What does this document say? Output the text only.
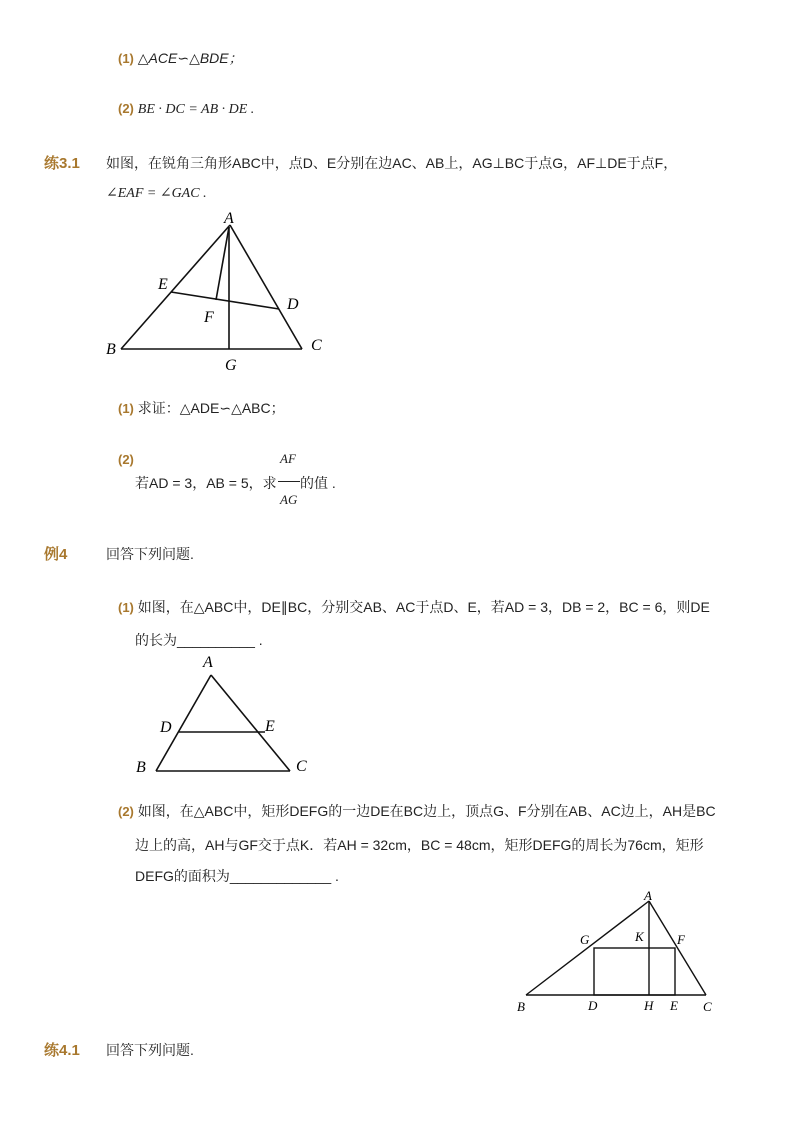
(1) △ACE∽△BDE；
(2) BE · DC = AB · DE .
练3.1 如图，在锐角三角形ABC中，点D、E分别在边AC、AB上，AG⊥BC于点G，AF⊥DE于点F，
∠EAF = ∠GAC .
A
B	C
D
E
F
G
(1) 求证：△ADE∽△ABC；
(2)
若AD = 3，AB = 5，求
AF
AG
的值 .
例4	回答下列问题.
(1) 如图，在△ABC中，DE∥BC，分别交AB、AC于点D、E，若AD = 3，DB = 2，BC = 6，则DE
的长为__________ .
A
B	C
D	E
(2) 如图，在△ABC中，矩形DEFG的一边DE在BC边上，顶点G、F分别在AB、AC边上，AH是BC
边上的高，AH与GF交于点K．若AH = 32cm，BC = 48cm，矩形DEFG的周长为76cm，矩形
DEFG的面积为_____________ .
A
B	C
D	E
F
G
H
K
练4.1 回答下列问题.
